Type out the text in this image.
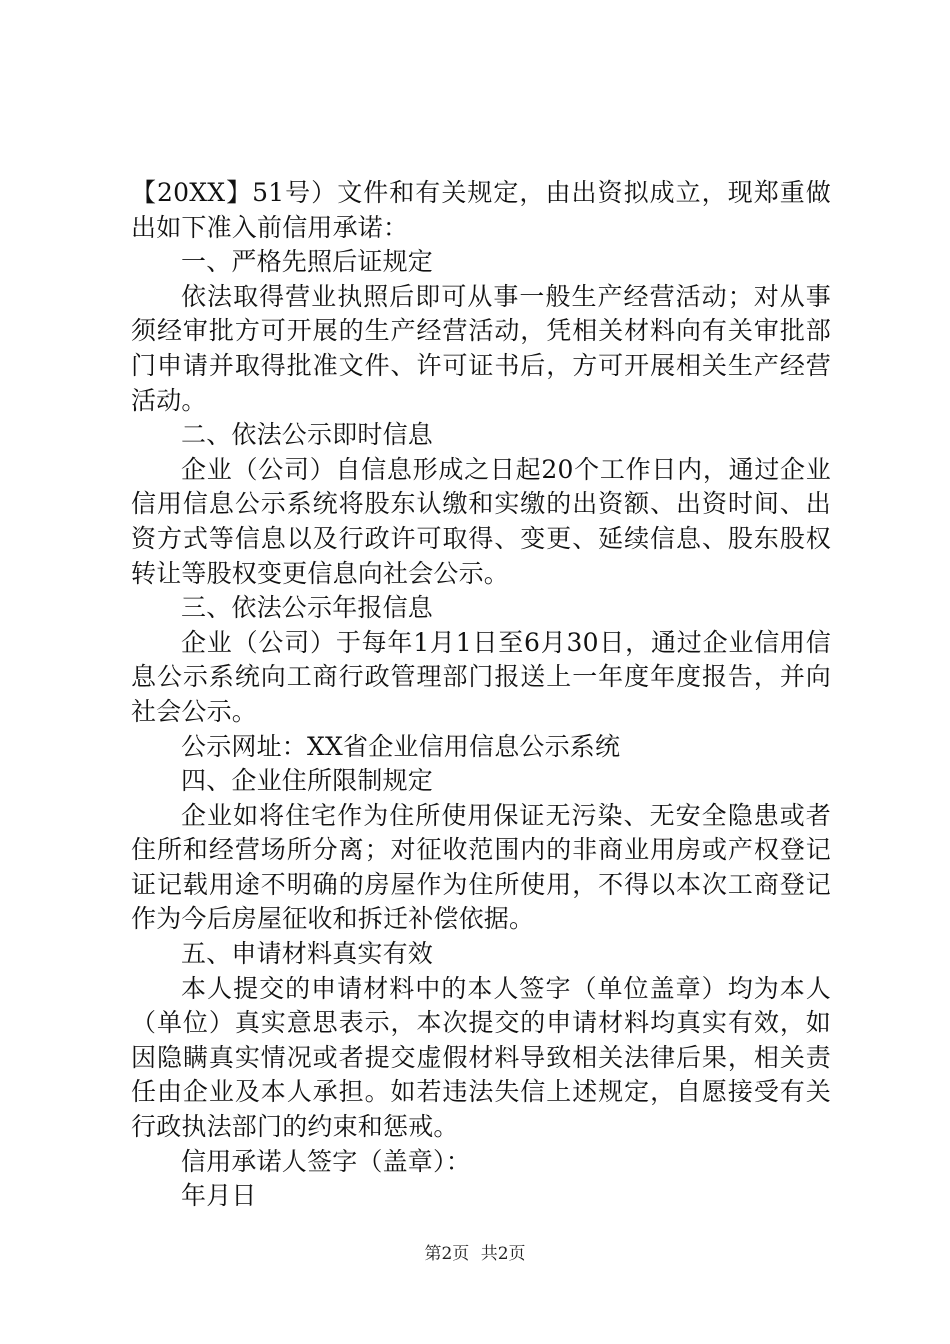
【20XX】51号）文件和有关规定，由出资拟成立，现郑重做出如下准入前信用承诺：

一、严格先照后证规定

依法取得营业执照后即可从事一般生产经营活动；对从事须经审批方可开展的生产经营活动，凭相关材料向有关审批部门申请并取得批准文件、许可证书后，方可开展相关生产经营活动。

二、依法公示即时信息

企业（公司）自信息形成之日起20个工作日内，通过企业信用信息公示系统将股东认缴和实缴的出资额、出资时间、出资方式等信息以及行政许可取得、变更、延续信息、股东股权转让等股权变更信息向社会公示。

三、依法公示年报信息

企业（公司）于每年1月1日至6月30日，通过企业信用信息公示系统向工商行政管理部门报送上一年度年度报告，并向社会公示。

公示网址：XX省企业信用信息公示系统

四、企业住所限制规定

企业如将住宅作为住所使用保证无污染、无安全隐患或者住所和经营场所分离；对征收范围内的非商业用房或产权登记证记载用途不明确的房屋作为住所使用，不得以本次工商登记作为今后房屋征收和拆迁补偿依据。

五、申请材料真实有效

本人提交的申请材料中的本人签字（单位盖章）均为本人（单位）真实意思表示，本次提交的申请材料均真实有效，如因隐瞒真实情况或者提交虚假材料导致相关法律后果，相关责任由企业及本人承担。如若违法失信上述规定，自愿接受有关行政执法部门的约束和惩戒。

信用承诺人签字（盖章）：

年月日

第2页 共2页
